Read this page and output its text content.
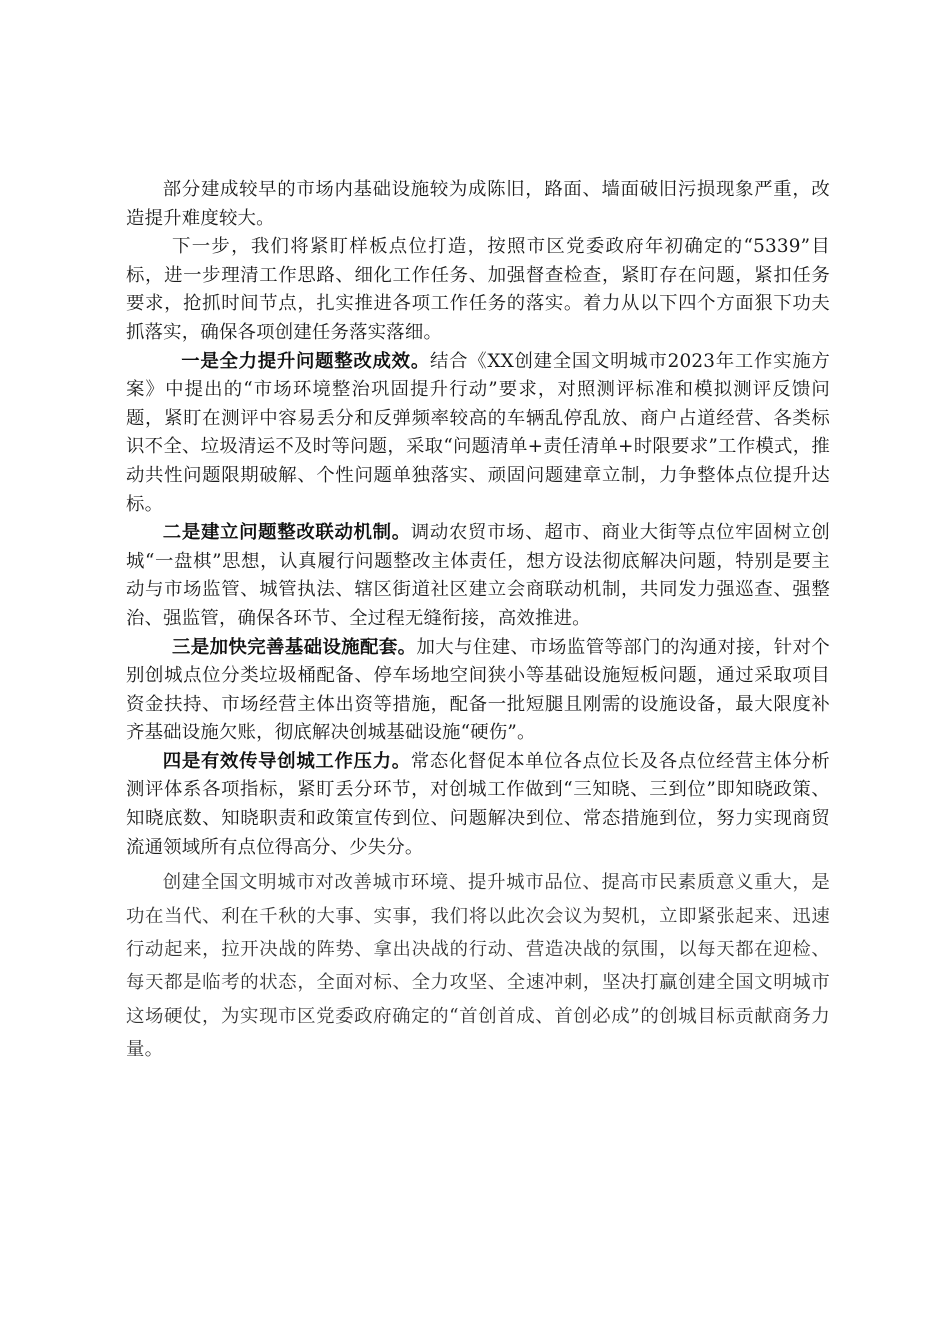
部分建成较早的市场内基础设施较为成陈旧，路面、墙面破旧污损现象严重，改造提升难度较大。

下一步，我们将紧盯样板点位打造，按照市区党委政府年初确定的“5339”目标，进一步理清工作思路、细化工作任务、加强督查检查，紧盯存在问题，紧扣任务要求，抢抓时间节点，扎实推进各项工作任务的落实。着力从以下四个方面狠下功夫抓落实，确保各项创建任务落实落细。

一是全力提升问题整改成效。结合《XX创建全国文明城市2023年工作实施方案》中提出的“市场环境整治巩固提升行动”要求，对照测评标准和模拟测评反馈问题，紧盯在测评中容易丢分和反弹频率较高的车辆乱停乱放、商户占道经营、各类标识不全、垃圾清运不及时等问题，采取“问题清单+责任清单+时限要求”工作模式，推动共性问题限期破解、个性问题单独落实、顽固问题建章立制，力争整体点位提升达标。

二是建立问题整改联动机制。调动农贸市场、超市、商业大街等点位牢固树立创城“一盘棋”思想，认真履行问题整改主体责任，想方设法彻底解决问题，特别是要主动与市场监管、城管执法、辖区街道社区建立会商联动机制，共同发力强巡查、强整治、强监管，确保各环节、全过程无缝衔接，高效推进。

三是加快完善基础设施配套。加大与住建、市场监管等部门的沟通对接，针对个别创城点位分类垃圾桶配备、停车场地空间狭小等基础设施短板问题，通过采取项目资金扶持、市场经营主体出资等措施，配备一批短腿且刚需的设施设备，最大限度补齐基础设施欠账，彻底解决创城基础设施“硬伤”。

四是有效传导创城工作压力。常态化督促本单位各点位长及各点位经营主体分析测评体系各项指标，紧盯丢分环节，对创城工作做到“三知晓、三到位”即知晓政策、知晓底数、知晓职责和政策宣传到位、问题解决到位、常态措施到位，努力实现商贸流通领域所有点位得高分、少失分。

创建全国文明城市对改善城市环境、提升城市品位、提高市民素质意义重大，是功在当代、利在千秋的大事、实事，我们将以此次会议为契机，立即紧张起来、迅速行动起来，拉开决战的阵势、拿出决战的行动、营造决战的氛围，以每天都在迎检、每天都是临考的状态，全面对标、全力攻坚、全速冲刺，坚决打赢创建全国文明城市这场硬仗，为实现市区党委政府确定的“首创首成、首创必成”的创城目标贡献商务力量。
